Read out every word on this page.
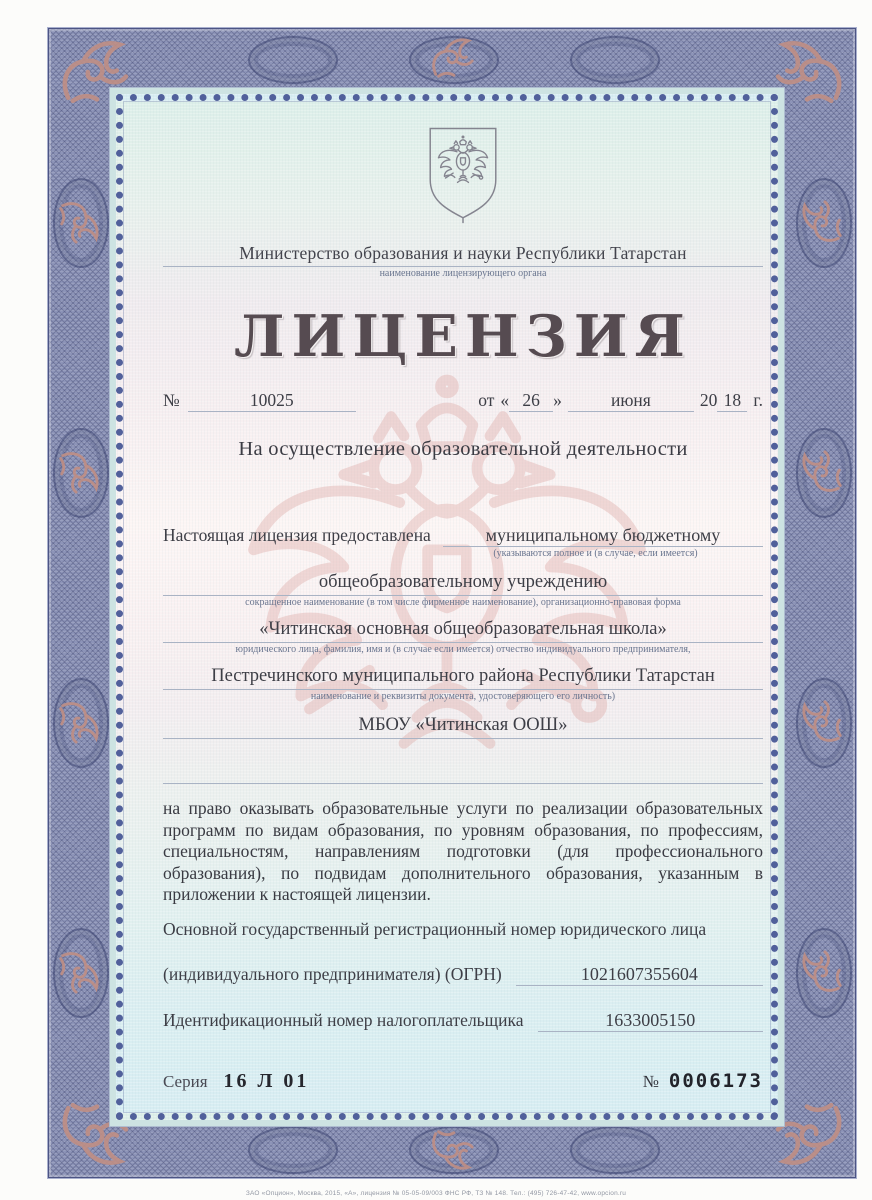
Министерство образования и науки Республики Татарстан
наименование лицензирующего органа
ЛИЦЕНЗИЯ
№	10025	от « 26 »	июня	20 18 г.
На осуществление образовательной деятельности
Настоящая лицензия предоставлена	муниципальному бюджетному
(указываются полное и (в случае, если имеется)
общеобразовательному учреждению
сокращенное наименование (в том числе фирменное наименование), организационно-правовая форма
«Читинская основная общеобразовательная школа»
юридического лица, фамилия, имя и (в случае если имеется) отчество индивидуального предпринимателя,
Пестречинского муниципального района Республики Татарстан
наименование и реквизиты документа, удостоверяющего его личность)
МБОУ «Читинская ООШ»
на право оказывать образовательные услуги по реализации образовательных программ по видам образования, по уровням образования, по профессиям, специальностям, направлениям подготовки (для профессионального образования), по подвидам дополнительного образования, указанным в приложении к настоящей лицензии.
Основной государственный регистрационный номер юридического лица
(индивидуального предпринимателя) (ОГРН)	1021607355604
Идентификационный номер налогоплательщика	1633005150
Серия 16 Л 01	№ 0006173
ЗАО «Опцион», Москва, 2015, «А», лицензия № 05-05-09/003 ФНС РФ, ТЗ № 148. Тел.: (495) 726-47-42, www.opcion.ru
